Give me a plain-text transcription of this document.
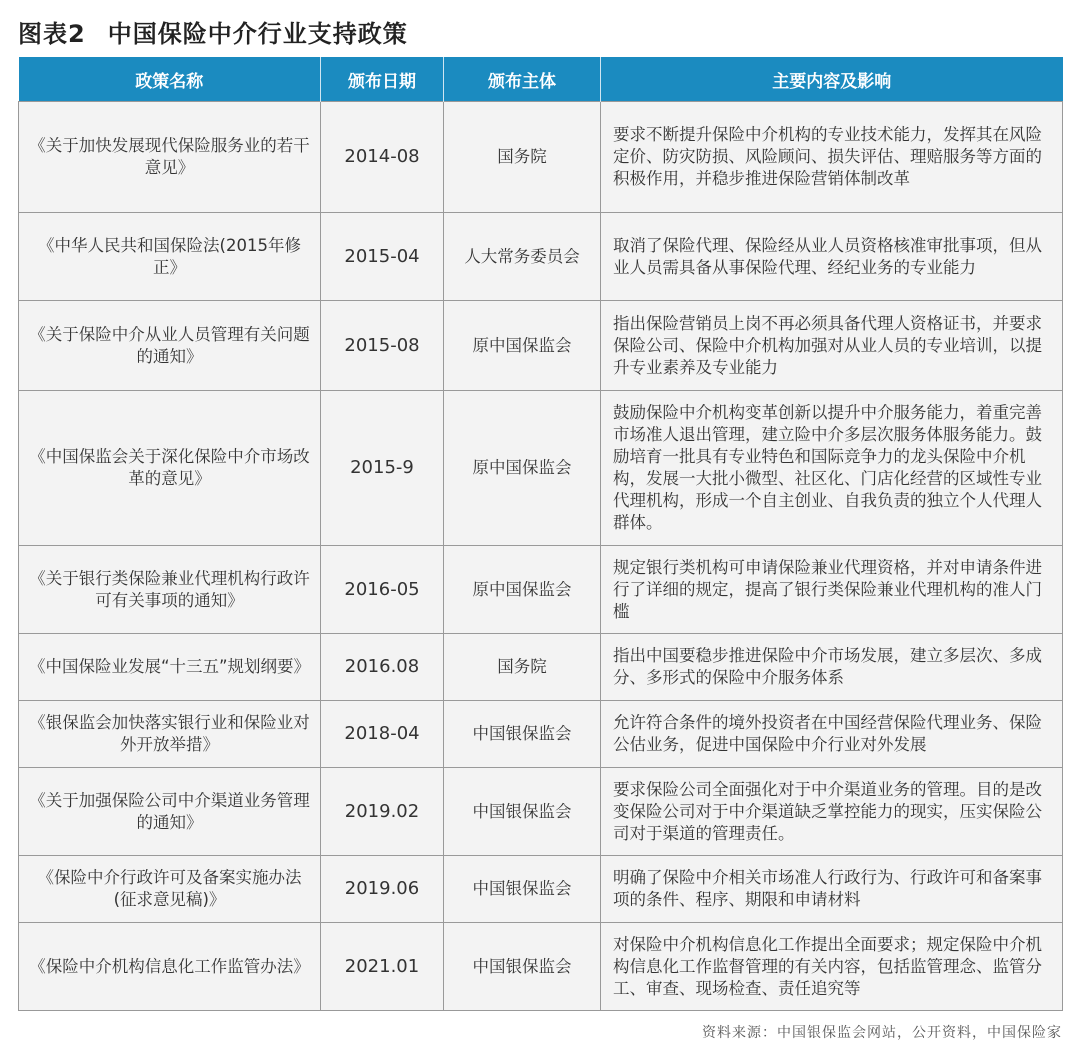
图表2 中国保险中介行业支持政策
政策名称	颁布日期	颁布主体	主要内容及影响
《关于加快发展现代保险服务业的若干意见》	2014-08	国务院	要求不断提升保险中介机构的专业技术能力，发挥其在风险定价、防灾防损、风险顾问、损失评估、理赔服务等方面的积极作用，并稳步推进保险营销体制改革
《中华人民共和国保险法(2015年修正》	2015-04	人大常务委员会	取消了保险代理、保险经从业人员资格核准审批事项，但从业人员需具备从事保险代理、经纪业务的专业能力
《关于保险中介从业人员管理有关问题的通知》	2015-08	原中国保监会	指出保险营销员上岗不再必须具备代理人资格证书，并要求保险公司、保险中介机构加强对从业人员的专业培训，以提升专业素养及专业能力
《中国保监会关于深化保险中介市场改革的意见》	2015-9	原中国保监会	鼓励保险中介机构变革创新以提升中介服务能力，着重完善市场准人退出管理，建立险中介多层次服务体服务能力。鼓励培育一批具有专业特色和国际竞争力的龙头保险中介机构，发展一大批小微型、社区化、门店化经营的区域性专业代理机构，形成一个自主创业、自我负责的独立个人代理人群体。
《关于银行类保险兼业代理机构行政许可有关事项的通知》	2016-05	原中国保监会	规定银行类机构可申请保险兼业代理资格，并对申请条件进行了详细的规定，提高了银行类保险兼业代理机构的准人门槛
《中国保险业发展“十三五”规划纲要》	2016.08	国务院	指出中国要稳步推进保险中介市场发展，建立多层次、多成分、多形式的保险中介服务体系
《银保监会加快落实银行业和保险业对外开放举措》	2018-04	中国银保监会	允许符合条件的境外投资者在中国经营保险代理业务、保险公估业务，促进中国保险中介行业对外发展
《关于加强保险公司中介渠道业务管理的通知》	2019.02	中国银保监会	要求保险公司全面强化对于中介渠道业务的管理。目的是改变保险公司对于中介渠道缺乏掌控能力的现实，压实保险公司对于渠道的管理责任。
《保险中介行政许可及备案实施办法(征求意见稿)》	2019.06	中国银保监会	明确了保险中介相关市场准人行政行为、行政许可和备案事项的条件、程序、期限和申请材料
《保险中介机构信息化工作监管办法》	2021.01	中国银保监会	对保险中介机构信息化工作提出全面要求；规定保险中介机构信息化工作监督管理的有关内容，包括监管理念、监管分工、审查、现场检查、责任追究等
资料来源：中国银保监会网站，公开资料，中国保险家
